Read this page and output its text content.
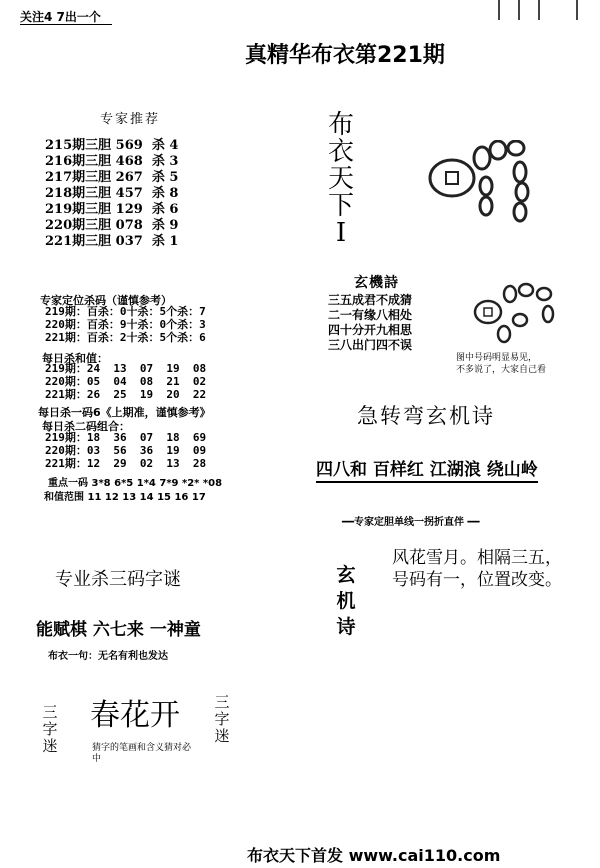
关注4 7出一个
真精华布衣第221期
专家推荐
215期三胆 569  杀 4
216期三胆 468  杀 3
217期三胆 267  杀 5
218期三胆 457  杀 8
219期三胆 129  杀 6
220期三胆 078  杀 9
221期三胆 037  杀 1
专家定位杀码（谨慎参考）
219期：百杀：0十杀：5个杀：7
220期：百杀：9十杀：0个杀：3
221期：百杀：2十杀：5个杀：6
每日杀和值：
219期：24  13  07  19  08
220期：05  04  08  21  02
221期：26  25  19  20  22
每日杀一码6《上期准，谨慎参考》
每日杀二码组合：
219期：18  36  07  18  69
220期：03  56  36  19  09
221期：12  29  02  13  28
重点一码 3*8 6*5 1*4 7*9 *2* *08
和值范围 11 12 13 14 15 16 17
专业杀三码字谜
能赋棋 六七来 一神童
布衣一句：无名有利也发达
三字迷
春花开 三字迷
猜字的笔画和含义猜对必中
布衣天下I
玄機詩
三五成君不成猜
二一有缘八相处
四十分开九相思
三八出门四不误
图中号码明显易见，
不多说了，大家自己看
急转弯玄机诗
四八和 百样红 江湖浪 绕山岭
━━专家定胆单线一拐折直伴 ━━
玄机诗
风花雪月。相隔三五，
号码有一，位置改变。
布衣天下首发 www.cai110.com
